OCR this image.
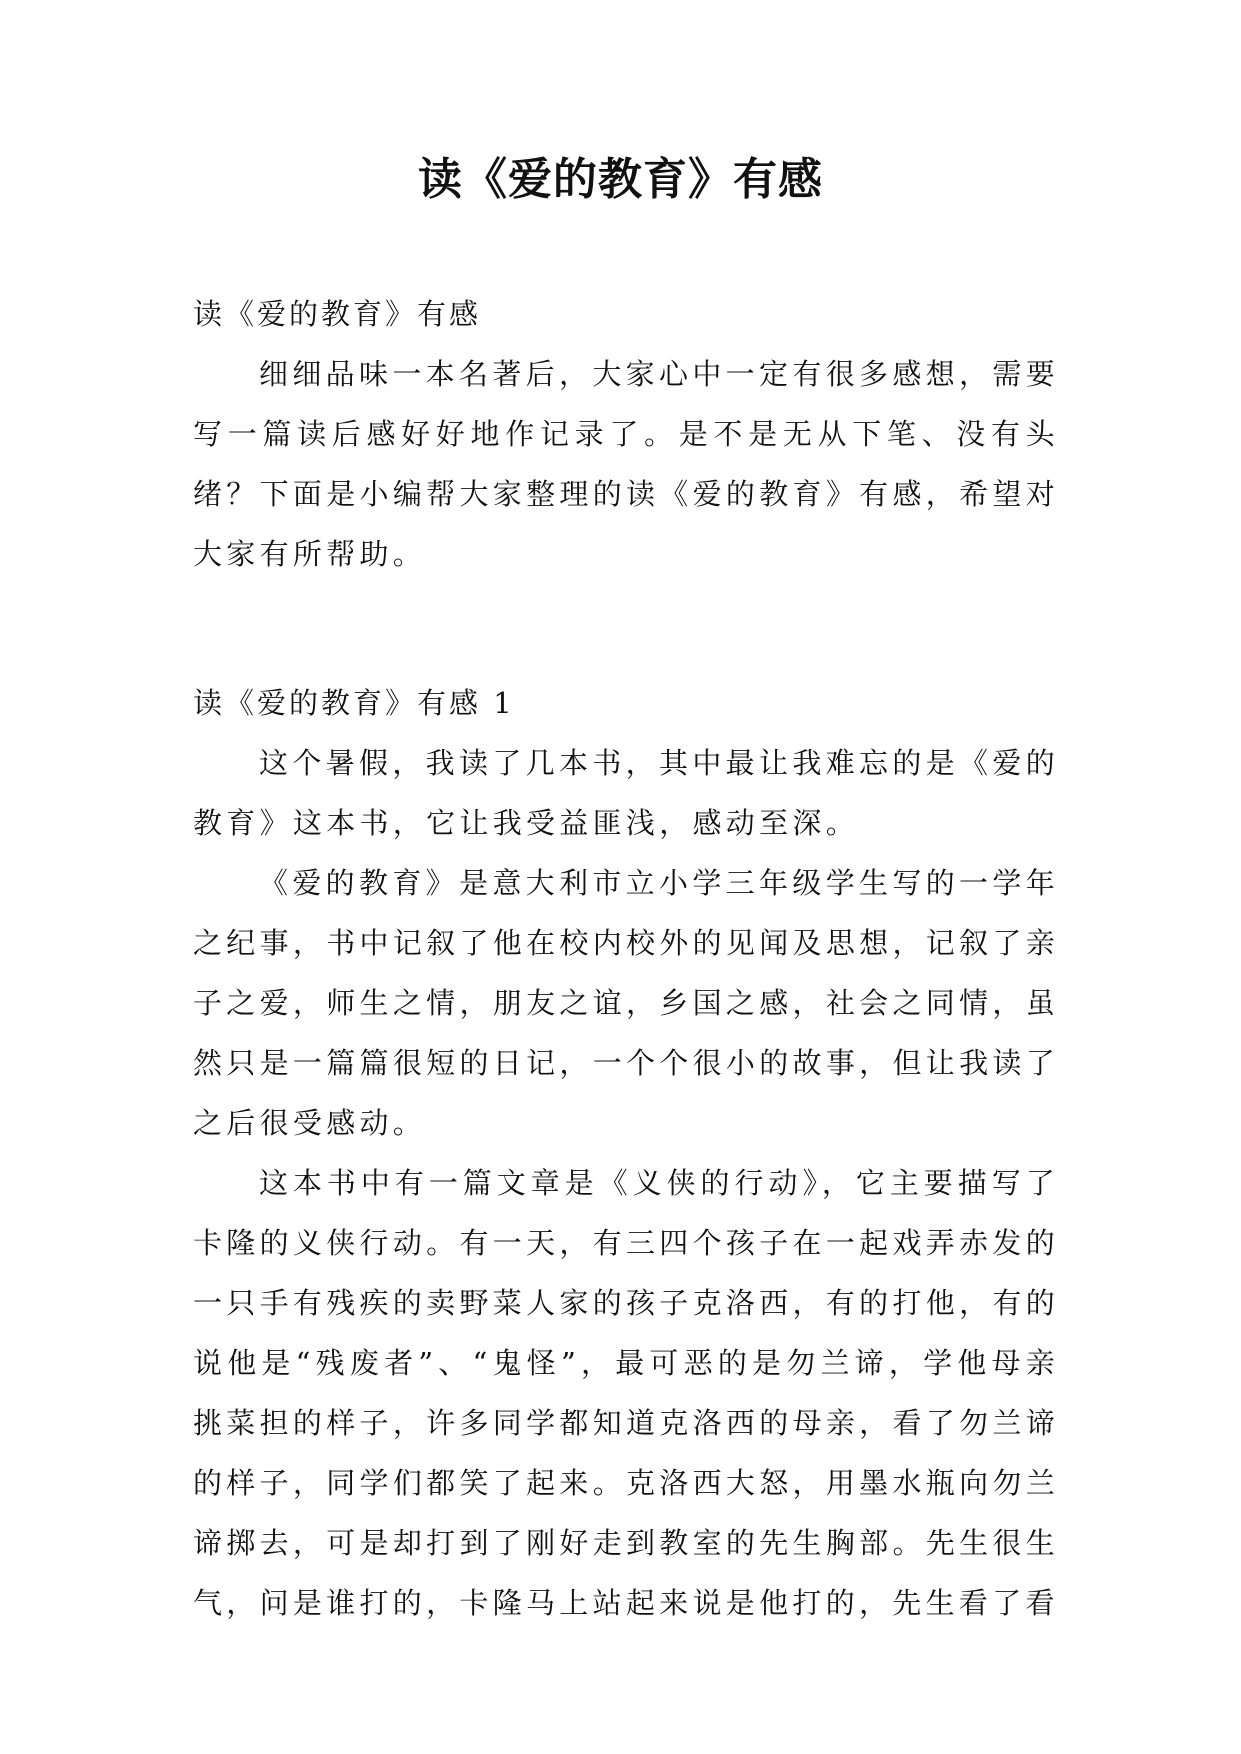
读《爱的教育》有感

读《爱的教育》有感

细细品味一本名著后，大家心中一定有很多感想，需要写一篇读后感好好地作记录了。是不是无从下笔、没有头绪？下面是小编帮大家整理的读《爱的教育》有感，希望对大家有所帮助。

读《爱的教育》有感 1

这个暑假，我读了几本书，其中最让我难忘的是《爱的教育》这本书，它让我受益匪浅，感动至深。

《爱的教育》是意大利市立小学三年级学生写的一学年之纪事，书中记叙了他在校内校外的见闻及思想，记叙了亲子之爱，师生之情，朋友之谊，乡国之感，社会之同情，虽然只是一篇篇很短的日记，一个个很小的故事，但让我读了之后很受感动。

这本书中有一篇文章是《义侠的行动》，它主要描写了卡隆的义侠行动。有一天，有三四个孩子在一起戏弄赤发的一只手有残疾的卖野菜人家的孩子克洛西，有的打他，有的说他是“残废者”、“鬼怪”，最可恶的是勿兰谛，学他母亲挑菜担的样子，许多同学都知道克洛西的母亲，看了勿兰谛的样子，同学们都笑了起来。克洛西大怒，用墨水瓶向勿兰谛掷去，可是却打到了刚好走到教室的先生胸部。先生很生气，问是谁打的，卡隆马上站起来说是他打的，先生看了看
